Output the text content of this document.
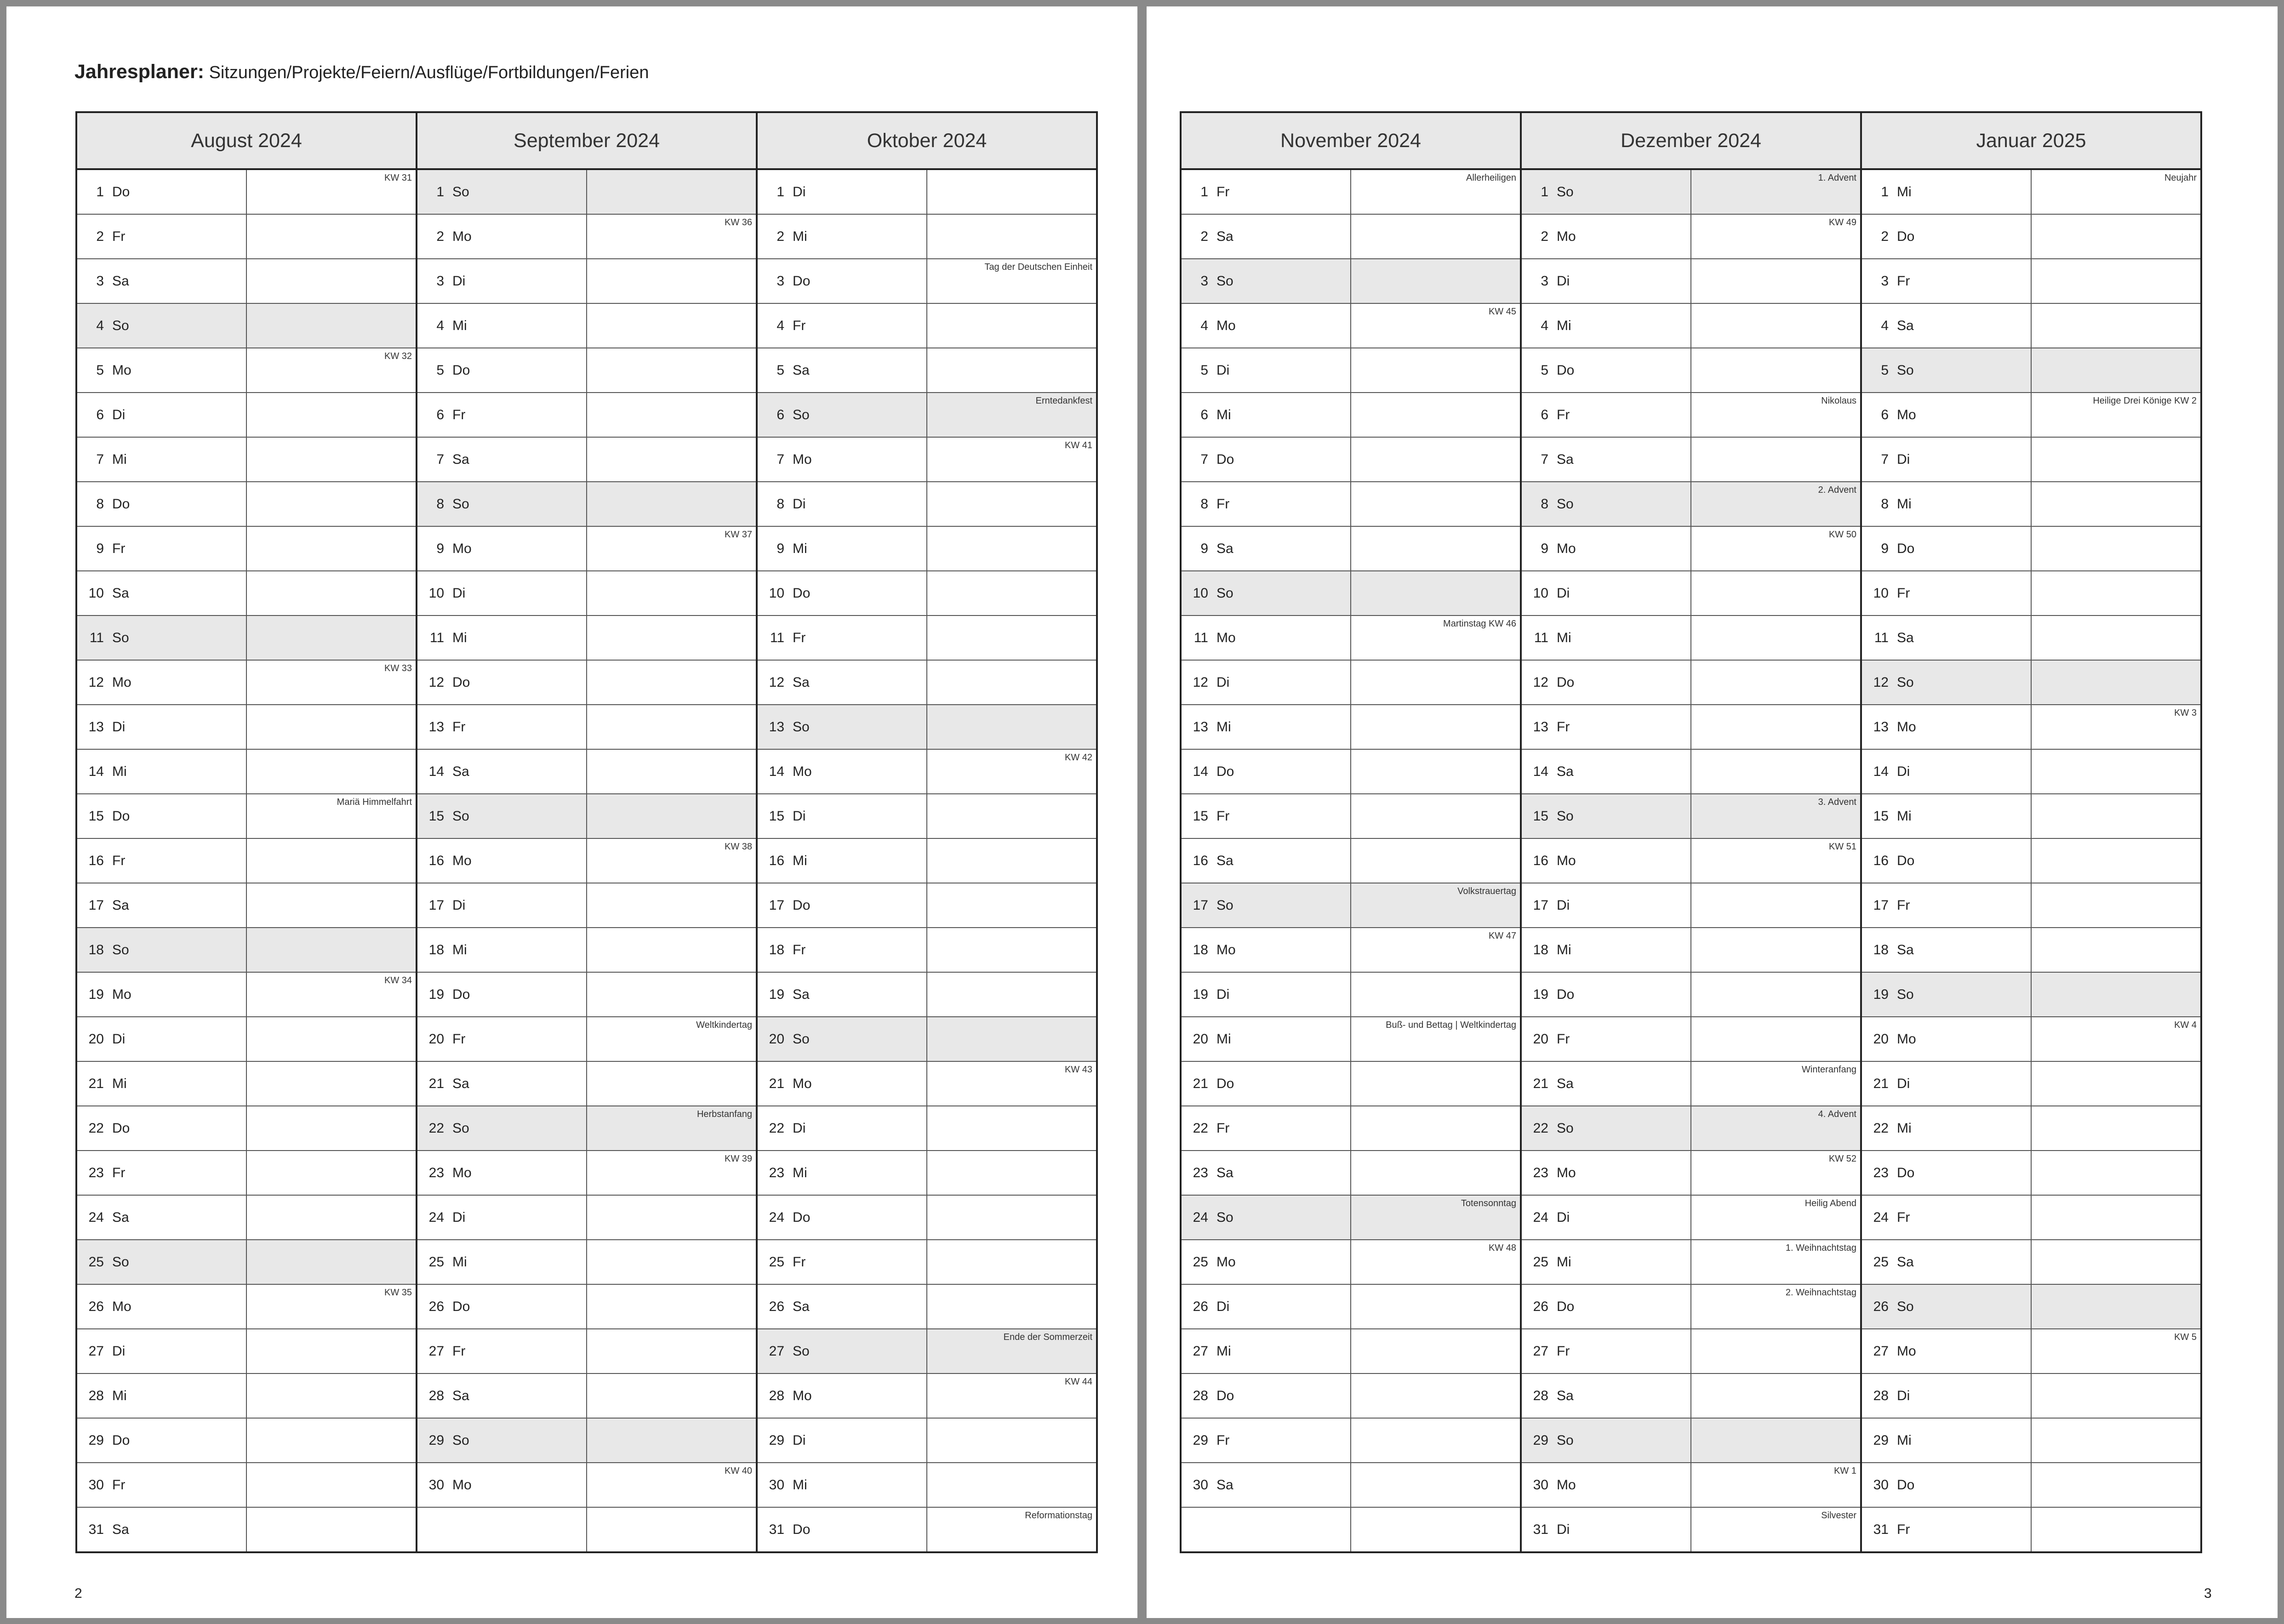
Jahresplaner: Sitzungen/Projekte/Feiern/Ausflüge/Fortbildungen/Ferien
August 2024		September 2024		Oktober 2024	
1 Do	KW 31	1 So		1 Di	
2 Fr		2 Mo	KW 36	2 Mi	
3 Sa		3 Di		3 Do	Tag der Deutschen Einheit

4 So		4 Mi		4 Fr	
5 Mo	KW 32	5 Do		5 Sa	
6 Di		6 Fr		6 So	Erntedankfest

7 Mi		7 Sa		7 Mo	KW 41

8 Do		8 So		8 Di	
9 Fr		9 Mo	KW 37	9 Mi	
10 Sa		10 Di		10 Do	
11 So		11 Mi		11 Fr	
12 Mo	KW 33	12 Do		12 Sa	
13 Di		13 Fr		13 So	
14 Mi		14 Sa		14 Mo	KW 42

15 Do	Mariä Himmelfahrt	15 So		15 Di	
16 Fr		16 Mo	KW 38	16 Mi	
17 Sa		17 Di		17 Do	
18 So		18 Mi		18 Fr	
19 Mo	KW 34	19 Do		19 Sa	
20 Di		20 Fr	Weltkindertag	20 So	
21 Mi		21 Sa		21 Mo	KW 43

22 Do		22 So	Herbstanfang	22 Di	
23 Fr		23 Mo	KW 39	23 Mi	
24 Sa		24 Di		24 Do	
25 So		25 Mi		25 Fr	
26 Mo	KW 35	26 Do		26 Sa	
27 Di		27 Fr		27 So	Ende der Sommerzeit

28 Mi		28 Sa		28 Mo	KW 44

29 Do		29 So		29 Di	
30 Fr		30 Mo	KW 40	30 Mi	
31 Sa				31 Do	Reformationstag
2
November 2024		Dezember 2024		Januar 2025	
1 Fr	Allerheiligen	1 So	1. Advent	1 Mi	Neujahr

2 Sa		2 Mo	KW 49	2 Do	
3 So		3 Di		3 Fr	
4 Mo	KW 45	4 Mi		4 Sa	
5 Di		5 Do		5 So	
6 Mi		6 Fr	Nikolaus	6 Mo	Heilige Drei Könige KW 2

7 Do		7 Sa		7 Di	
8 Fr		8 So	2. Advent	8 Mi	
9 Sa		9 Mo	KW 50	9 Do	
10 So		10 Di		10 Fr	
11 Mo	Martinstag KW 46	11 Mi		11 Sa	
12 Di		12 Do		12 So	
13 Mi		13 Fr		13 Mo	KW 3

14 Do		14 Sa		14 Di	
15 Fr		15 So	3. Advent	15 Mi	
16 Sa		16 Mo	KW 51	16 Do	
17 So	Volkstrauertag	17 Di		17 Fr	
18 Mo	KW 47	18 Mi		18 Sa	
19 Di		19 Do		19 So	
20 Mi	Buß- und Bettag | Weltkindertag	20 Fr		20 Mo	KW 4

21 Do		21 Sa	Winteranfang	21 Di	
22 Fr		22 So	4. Advent	22 Mi	
23 Sa		23 Mo	KW 52	23 Do	
24 So	Totensonntag	24 Di	Heilig Abend	24 Fr	
25 Mo	KW 48	25 Mi	1. Weihnachtstag	25 Sa	
26 Di		26 Do	2. Weihnachtstag	26 So	
27 Mi		27 Fr		27 Mo	KW 5

28 Do		28 Sa		28 Di	
29 Fr		29 So		29 Mi	
30 Sa		30 Mo	KW 1	30 Do	
		31 Di	Silvester	31 Fr	
3
